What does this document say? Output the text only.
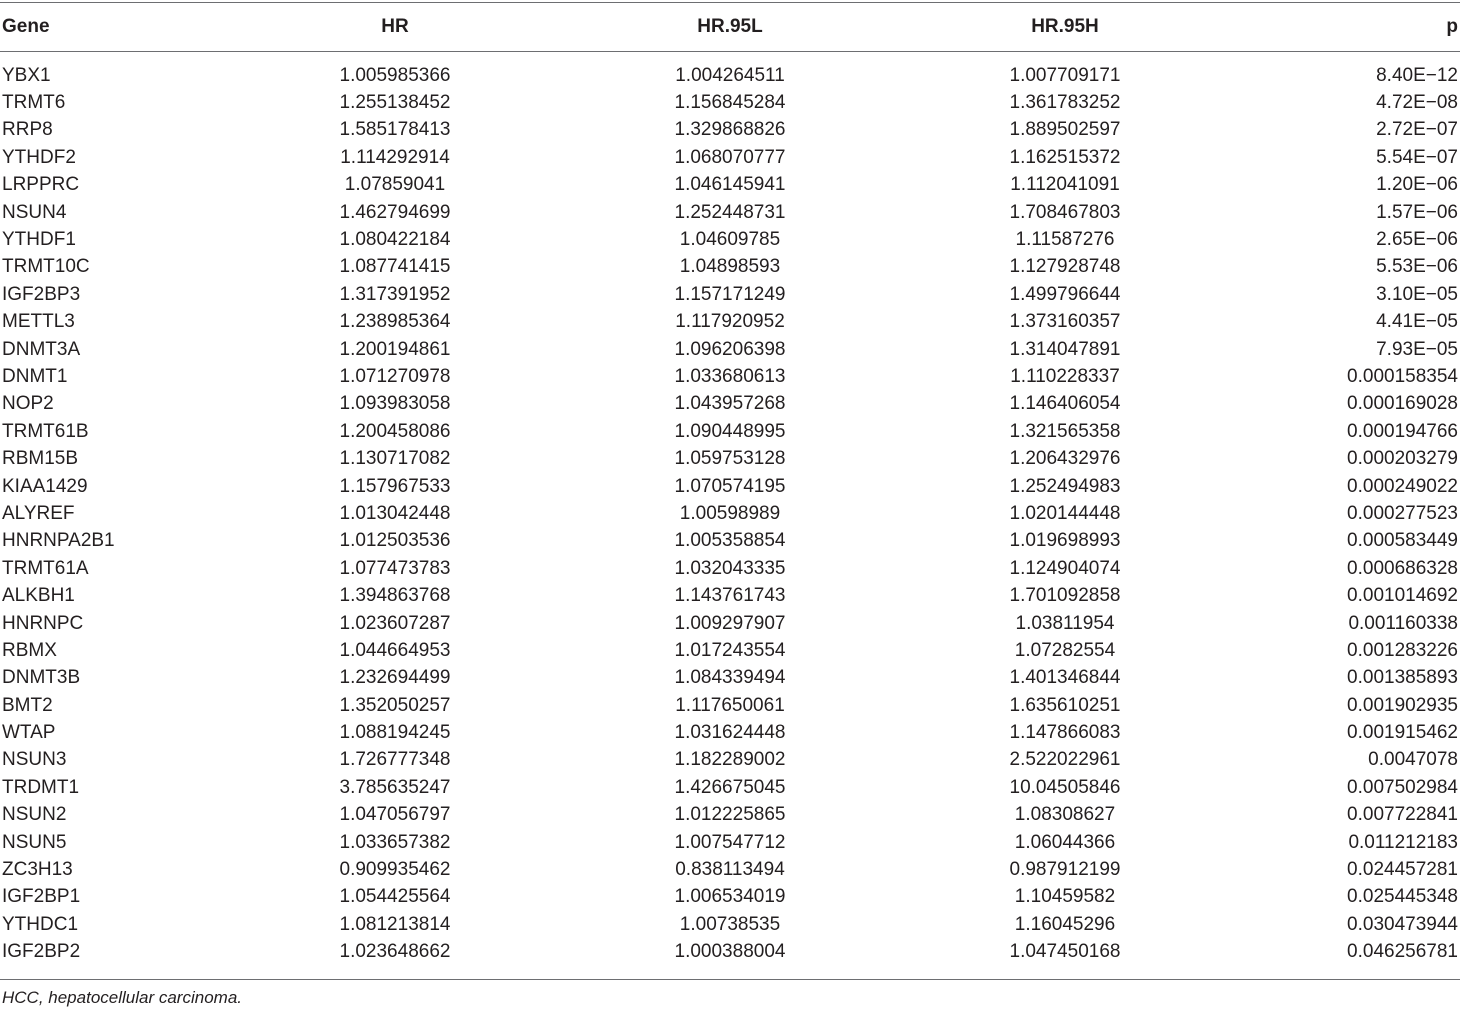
Gene	HR	HR.95L	HR.95H	p
YBX1	1.005985366	1.004264511	1.007709171	8.40E−12
TRMT6	1.255138452	1.156845284	1.361783252	4.72E−08
RRP8	1.585178413	1.329868826	1.889502597	2.72E−07
YTHDF2	1.114292914	1.068070777	1.162515372	5.54E−07
LRPPRC	1.07859041	1.046145941	1.112041091	1.20E−06
NSUN4	1.462794699	1.252448731	1.708467803	1.57E−06
YTHDF1	1.080422184	1.04609785	1.11587276	2.65E−06
TRMT10C	1.087741415	1.04898593	1.127928748	5.53E−06
IGF2BP3	1.317391952	1.157171249	1.499796644	3.10E−05
METTL3	1.238985364	1.117920952	1.373160357	4.41E−05
DNMT3A	1.200194861	1.096206398	1.314047891	7.93E−05
DNMT1	1.071270978	1.033680613	1.110228337	0.000158354
NOP2	1.093983058	1.043957268	1.146406054	0.000169028
TRMT61B	1.200458086	1.090448995	1.321565358	0.000194766
RBM15B	1.130717082	1.059753128	1.206432976	0.000203279
KIAA1429	1.157967533	1.070574195	1.252494983	0.000249022
ALYREF	1.013042448	1.00598989	1.020144448	0.000277523
HNRNPA2B1	1.012503536	1.005358854	1.019698993	0.000583449
TRMT61A	1.077473783	1.032043335	1.124904074	0.000686328
ALKBH1	1.394863768	1.143761743	1.701092858	0.001014692
HNRNPC	1.023607287	1.009297907	1.03811954	0.001160338
RBMX	1.044664953	1.017243554	1.07282554	0.001283226
DNMT3B	1.232694499	1.084339494	1.401346844	0.001385893
BMT2	1.352050257	1.117650061	1.635610251	0.001902935
WTAP	1.088194245	1.031624448	1.147866083	0.001915462
NSUN3	1.726777348	1.182289002	2.522022961	0.0047078
TRDMT1	3.785635247	1.426675045	10.04505846	0.007502984
NSUN2	1.047056797	1.012225865	1.08308627	0.007722841
NSUN5	1.033657382	1.007547712	1.06044366	0.011212183
ZC3H13	0.909935462	0.838113494	0.987912199	0.024457281
IGF2BP1	1.054425564	1.006534019	1.10459582	0.025445348
YTHDC1	1.081213814	1.00738535	1.16045296	0.030473944
IGF2BP2	1.023648662	1.000388004	1.047450168	0.046256781
HCC, hepatocellular carcinoma.
